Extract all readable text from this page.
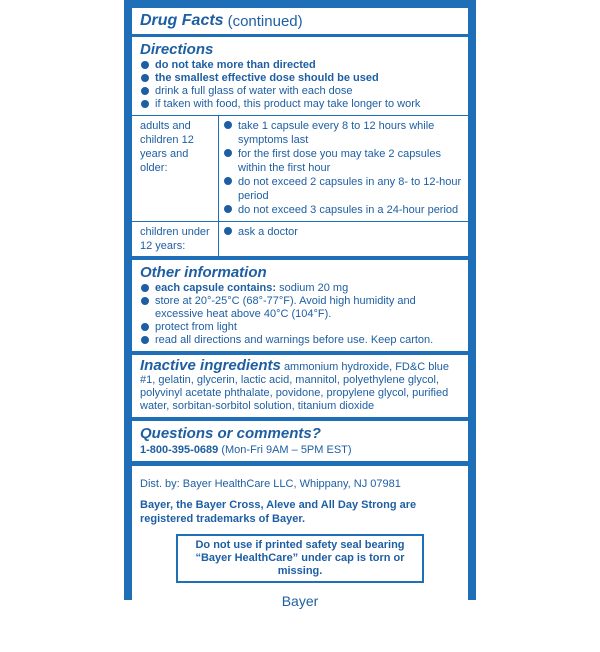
Drug Facts (continued)
Directions
do not take more than directed
the smallest effective dose should be used
drink a full glass of water with each dose
if taken with food, this product may take longer to work
adults and children 12 years and older:
take 1 capsule every 8 to 12 hours while symptoms last
for the first dose you may take 2 capsules within the first hour
do not exceed 2 capsules in any 8- to 12-hour period
do not exceed 3 capsules in a 24-hour period
children under 12 years:
ask a doctor
Other information
each capsule contains: sodium 20 mg
store at 20°-25°C (68°-77°F). Avoid high humidity and excessive heat above 40°C (104°F).
protect from light
read all directions and warnings before use. Keep carton.
Inactive ingredients ammonium hydroxide, FD&C blue #1, gelatin, glycerin, lactic acid, mannitol, polyethylene glycol, polyvinyl acetate phthalate, povidone, propylene glycol, purified water, sorbitan-sorbitol solution, titanium dioxide
Questions or comments?
1-800-395-0689 (Mon-Fri 9AM – 5PM EST)
Dist. by: Bayer HealthCare LLC, Whippany, NJ 07981
Bayer, the Bayer Cross, Aleve and All Day Strong are registered trademarks of Bayer.
Do not use if printed safety seal bearing “Bayer HealthCare” under cap is torn or missing.
Bayer
